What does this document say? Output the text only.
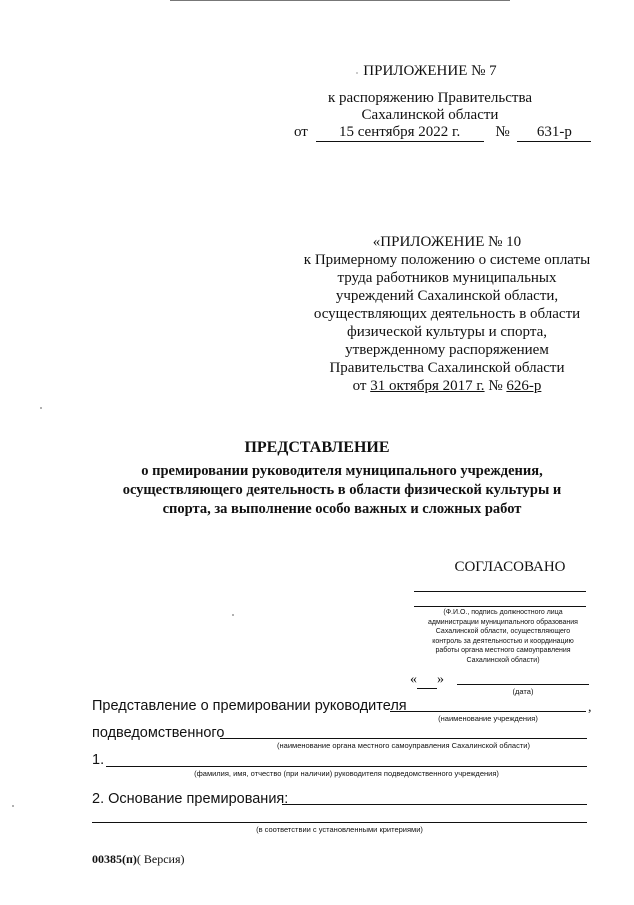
ПРИЛОЖЕНИЕ № 7
к распоряжению Правительства
Сахалинской области
от 15 сентября 2022 г. № 631-р
«ПРИЛОЖЕНИЕ № 10
к Примерному положению о системе оплаты
труда работников муниципальных
учреждений Сахалинской области,
осуществляющих деятельность в области
физической культуры и спорта,
утвержденному распоряжением
Правительства Сахалинской области
от 31 октября 2017 г. № 626-р
ПРЕДСТАВЛЕНИЕ
о премировании руководителя муниципального учреждения,
осуществляющего деятельность в области физической культуры и
спорта, за выполнение особо важных и сложных работ
СОГЛАСОВАНО
(Ф.И.О., подпись должностного лица
администрации муниципального образования
Сахалинской области, осуществляющего
контроль за деятельностью и координацию
работы органа местного самоуправления
Сахалинской области)
« »
(дата)
Представление о премировании руководителя	,
(наименование учреждения)
подведомственного
(наименование органа местного самоуправления Сахалинской области)
1.
(фамилия, имя, отчество (при наличии) руководителя подведомственного учреждения)
2. Основание премирования:
(в соответствии с установленными критериями)
00385(п)( Версия)
